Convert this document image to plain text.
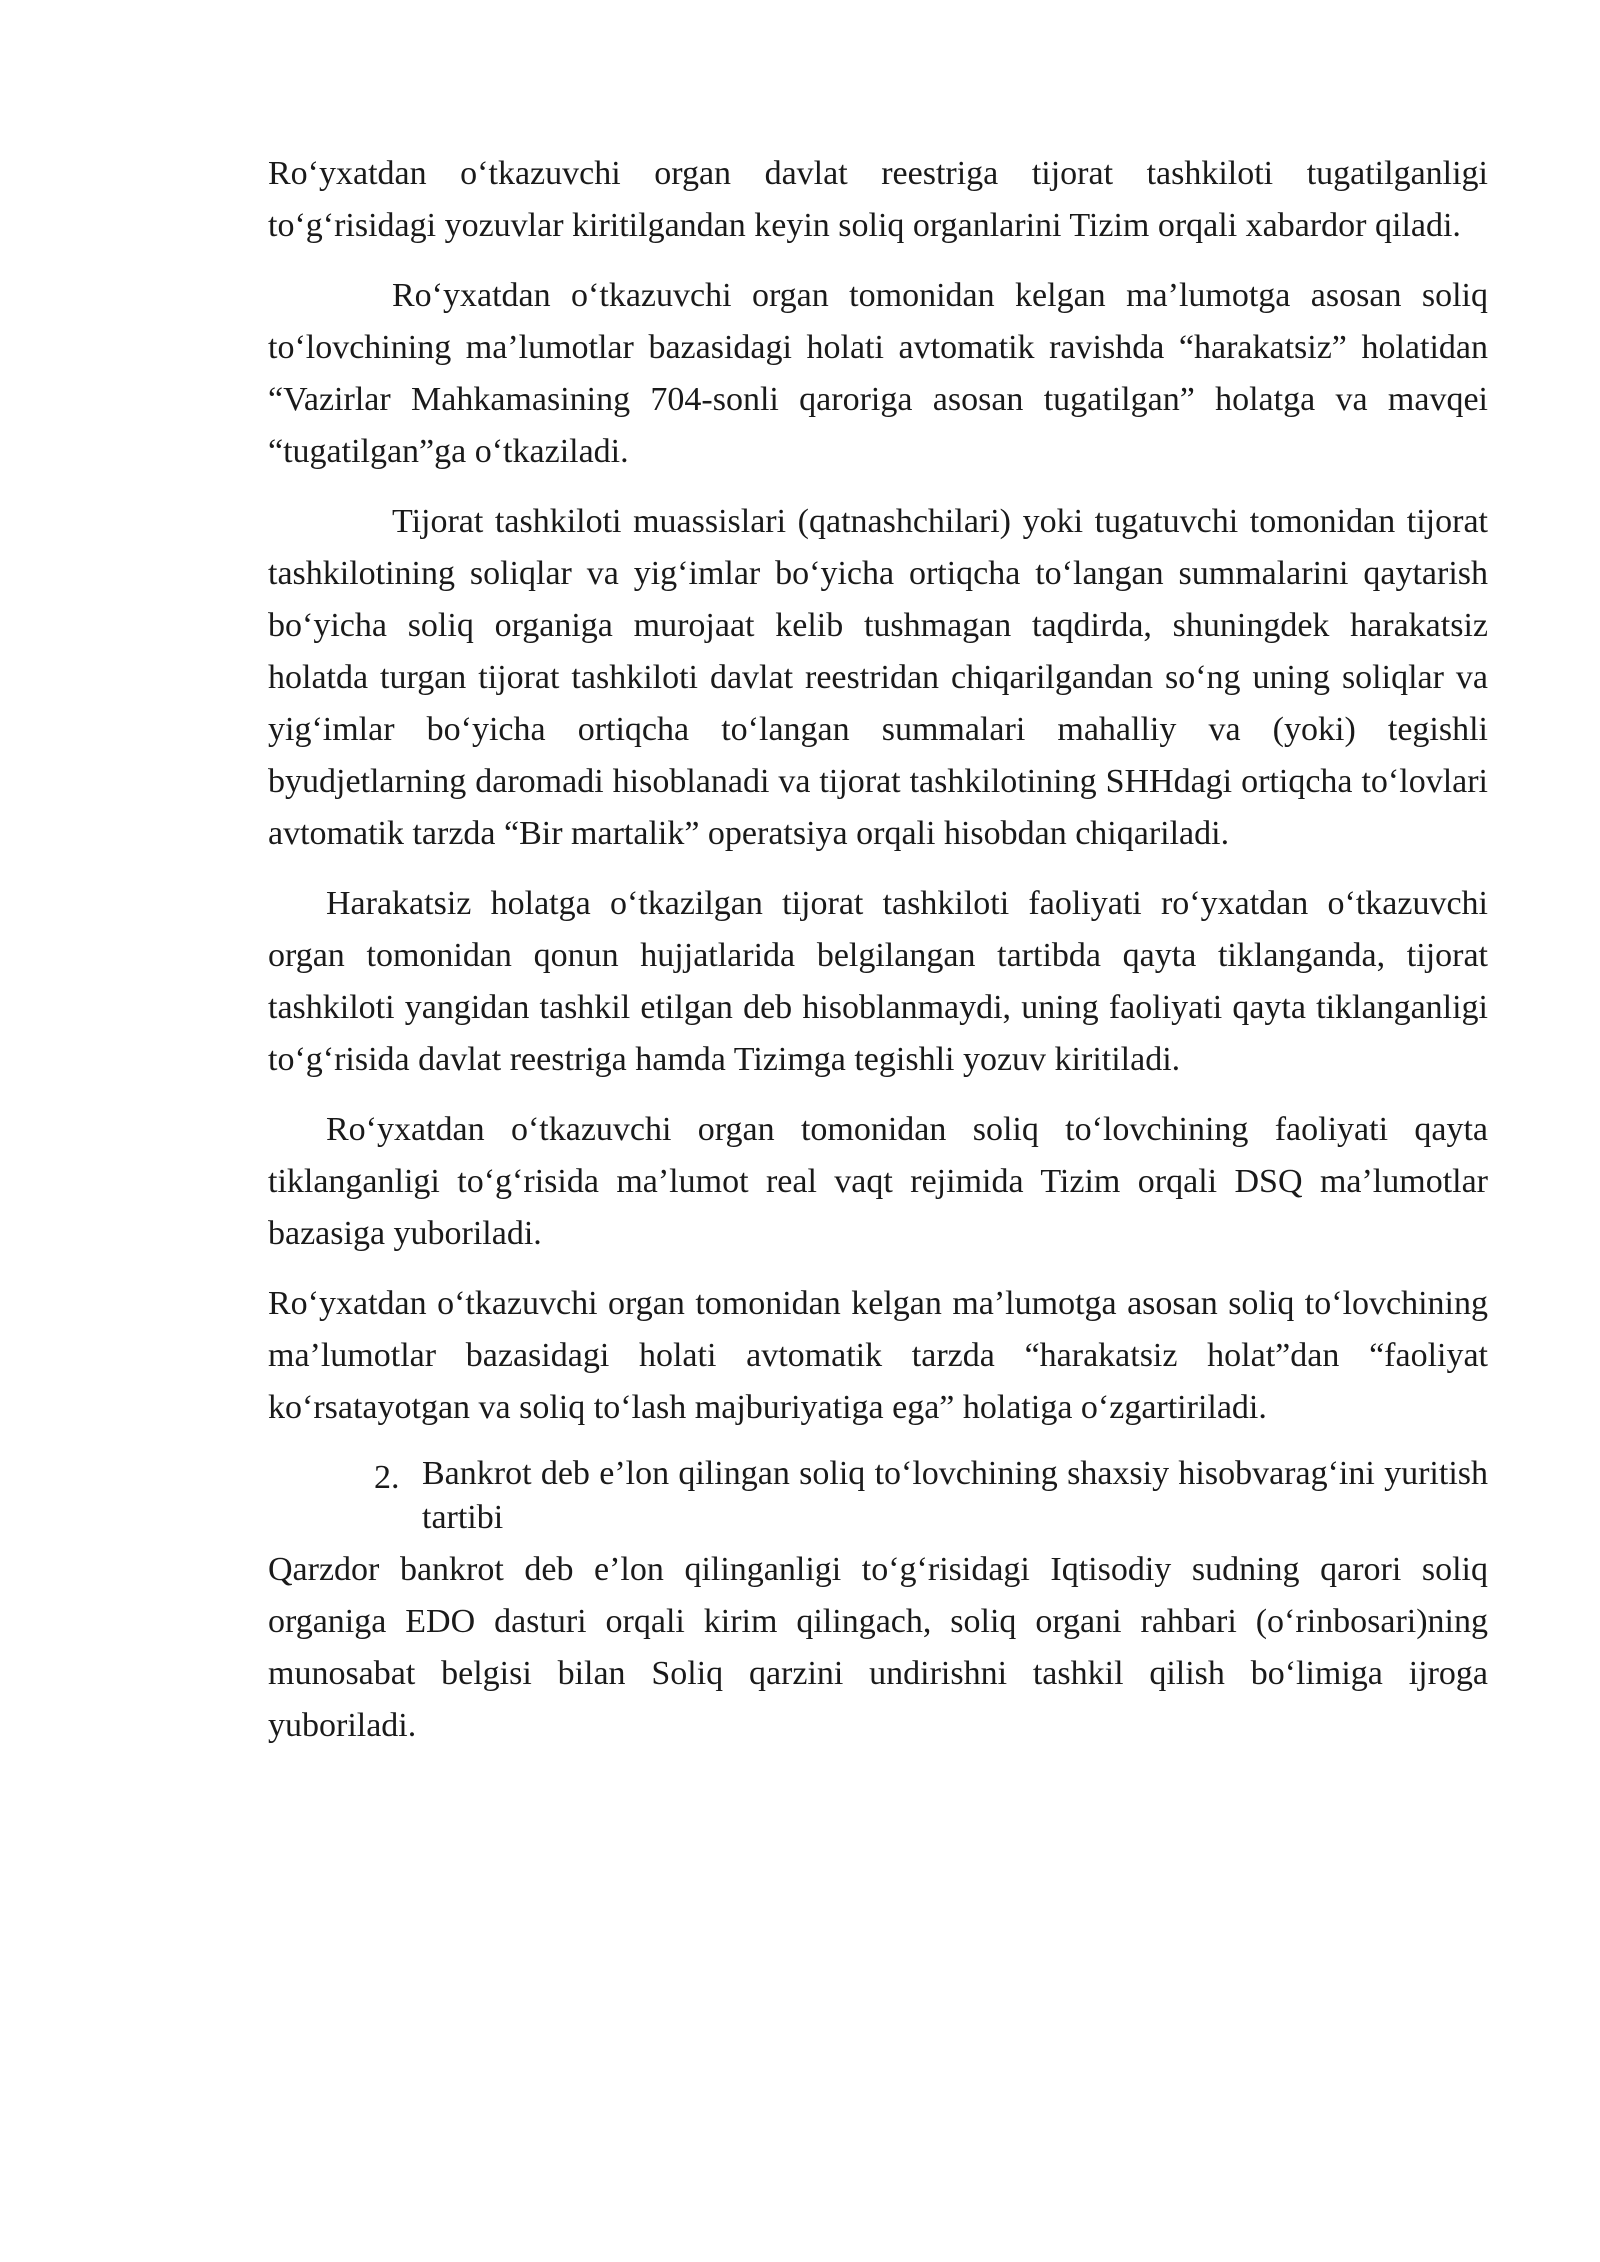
Ro‘yxatdan o‘tkazuvchi organ davlat reestriga tijorat tashkiloti tugatilganligi to‘g‘risidagi yozuvlar kiritilgandan keyin soliq organlarini Tizim orqali xabardor qiladi.

Ro‘yxatdan o‘tkazuvchi organ tomonidan kelgan ma’lumotga asosan soliq to‘lovchining ma’lumotlar bazasidagi holati avtomatik ravishda “harakatsiz” holatidan “Vazirlar Mahkamasining 704-sonli qaroriga asosan tugatilgan” holatga va mavqei “tugatilgan”ga o‘tkaziladi.

Tijorat tashkiloti muassislari (qatnashchilari) yoki tugatuvchi tomonidan tijorat tashkilotining soliqlar va yig‘imlar bo‘yicha ortiqcha to‘langan summalarini qaytarish bo‘yicha soliq organiga murojaat kelib tushmagan taqdirda, shuningdek harakatsiz holatda turgan tijorat tashkiloti davlat reestridan chiqarilgandan so‘ng uning soliqlar va yig‘imlar bo‘yicha ortiqcha to‘langan summalari mahalliy va (yoki) tegishli byudjetlarning daromadi hisoblanadi va tijorat tashkilotining SHHdagi ortiqcha to‘lovlari avtomatik tarzda “Bir martalik” operatsiya orqali hisobdan chiqariladi.

Harakatsiz holatga o‘tkazilgan tijorat tashkiloti faoliyati ro‘yxatdan o‘tkazuvchi organ tomonidan qonun hujjatlarida belgilangan tartibda qayta tiklanganda, tijorat tashkiloti yangidan tashkil etilgan deb hisoblanmaydi, uning faoliyati qayta tiklanganligi to‘g‘risida davlat reestriga hamda Tizimga tegishli yozuv kiritiladi.

Ro‘yxatdan o‘tkazuvchi organ tomonidan soliq to‘lovchining faoliyati qayta tiklanganligi to‘g‘risida ma’lumot real vaqt rejimida Tizim orqali DSQ ma’lumotlar bazasiga yuboriladi.

Ro‘yxatdan o‘tkazuvchi organ tomonidan kelgan ma’lumotga asosan soliq to‘lovchining ma’lumotlar bazasidagi holati avtomatik tarzda “harakatsiz holat”dan “faoliyat ko‘rsatayotgan va soliq to‘lash majburiyatiga ega” holatiga o‘zgartiriladi.

2. Bankrot deb e’lon qilingan soliq to‘lovchining shaxsiy hisobvarag‘ini yuritish tartibi

Qarzdor bankrot deb e’lon qilinganligi to‘g‘risidagi Iqtisodiy sudning qarori soliq organiga EDO dasturi orqali kirim qilingach, soliq organi rahbari (o‘rinbosari)ning munosabat belgisi bilan Soliq qarzini undirishni tashkil qilish bo‘limiga ijroga yuboriladi.
